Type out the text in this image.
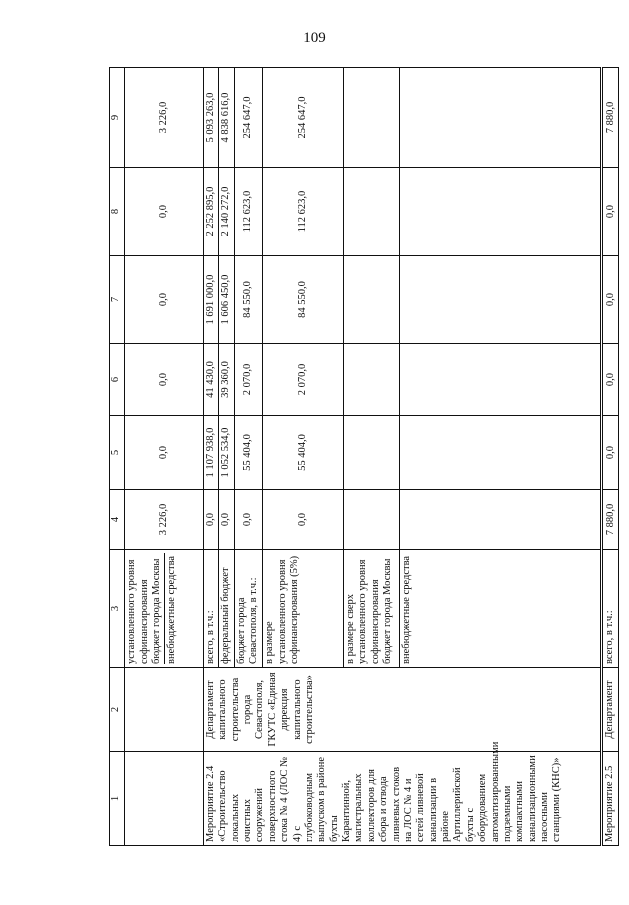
109
1	2	3	4	5	6	7	8	9

		установленного уровня софинансирования бюджет города Москвы внебюджетные средства	3 226,0	0,0	0,0	0,0	0,0	3 226,0
Мероприятие 2.4 «Строительство локальных очистных сооружений поверхностного стока № 4 (ЛОС № 4) с глубоководным выпуском в районе бухты Карантинной, магистральных коллекторов для сбора и отвода ливневых стоков на ЛОС № 4 и сетей ливневой канализации в районе Артиллерийской бухты с оборудованием автоматизированными подземными компактными канализационными насосными станциями (КНС)»	Департамент капитального строительства города Севастополя, ГКУТС «Единая дирекция капитального строительства»	всего, в т.ч.:	0,0	1 107 938,0	41 430,0	1 691 000,0	2 252 895,0	5 093 263,0
		федеральный бюджет	0,0	1 052 534,0	39 360,0	1 606 450,0	2 140 272,0	4 838 616,0
		бюджет города Севастополя, в т.ч.:	0,0	55 404,0	2 070,0	84 550,0	112 623,0	254 647,0
		в размере установленного уровня софинансирования (5%)	0,0	55 404,0	2 070,0	84 550,0	112 623,0	254 647,0
		в размере сверх установленного уровня софинансирования бюджет города Москвы						
		внебюджетные средства						
Мероприятие 2.5	Департамент	всего, в т.ч.:	7 880,0	0,0	0,0	0,0	0,0	7 880,0
